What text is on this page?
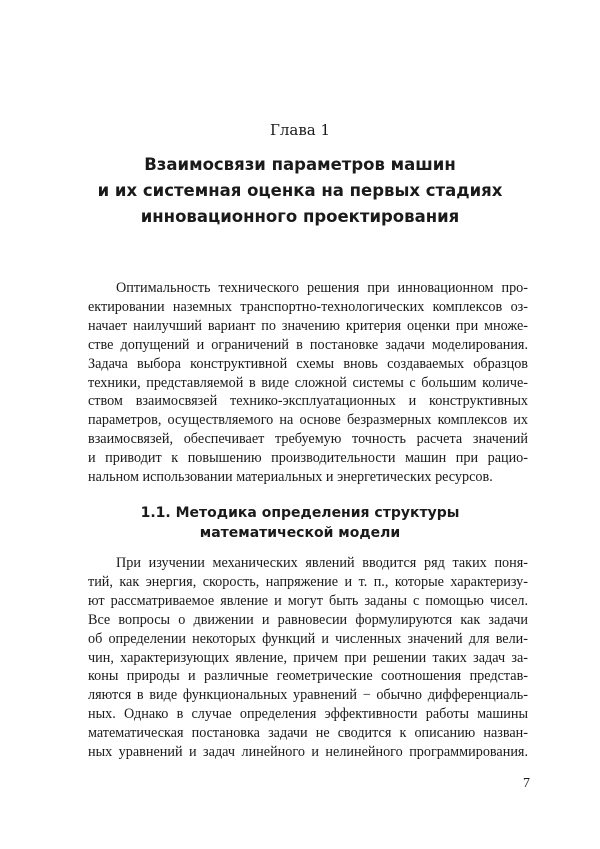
Глава 1
Взаимосвязи параметров машин
и их системная оценка на первых стадиях
инновационного проектирования
Оптимальность технического решения при инновационном про-
ектировании наземных транспортно-технологических комплексов оз-
начает наилучший вариант по значению критерия оценки при множе-
стве допущений и ограничений в постановке задачи моделирования.
Задача выбора конструктивной схемы вновь создаваемых образцов
техники, представляемой в виде сложной системы с большим количе-
ством взаимосвязей технико-эксплуатационных и конструктивных
параметров, осуществляемого на основе безразмерных комплексов их
взаимосвязей, обеспечивает требуемую точность расчета значений
и приводит к повышению производительности машин при рацио-
нальном использовании материальных и энергетических ресурсов.
1.1. Методика определения структуры
математической модели
При изучении механических явлений вводится ряд таких поня-
тий, как энергия, скорость, напряжение и т. п., которые характеризу-
ют рассматриваемое явление и могут быть заданы с помощью чисел.
Все вопросы о движении и равновесии формулируются как задачи
об определении некоторых функций и численных значений для вели-
чин, характеризующих явление, причем при решении таких задач за-
коны природы и различные геометрические соотношения представ-
ляются в виде функциональных уравнений − обычно дифференциаль-
ных. Однако в случае определения эффективности работы машины
математическая постановка задачи не сводится к описанию назван-
ных уравнений и задач линейного и нелинейного программирования.
7
